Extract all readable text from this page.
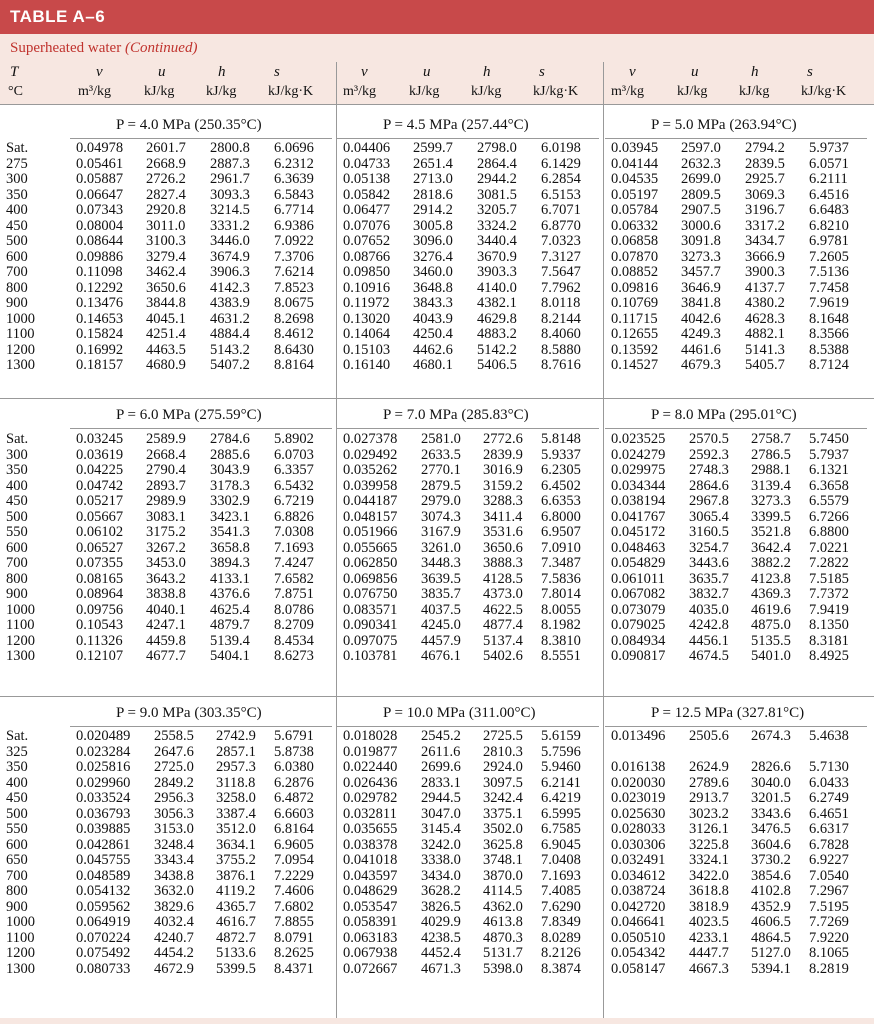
TABLE A–6
Superheated water (Continued)
T
°C
v
m³/kg
u
kJ/kg
h
kJ/kg
s
kJ/kg·K
v
m³/kg
u
kJ/kg
h
kJ/kg
s
kJ/kg·K
v
m³/kg
u
kJ/kg
h
kJ/kg
s
kJ/kg·K
Sat.
275
300
350
400
450
500
600
700
800
900
1000
1100
1200
1300
P = 4.0 MPa (250.35°C)
0.04978 2601.7 2800.8 6.0696
0.05461 2668.9 2887.3 6.2312
0.05887 2726.2 2961.7 6.3639
0.06647 2827.4 3093.3 6.5843
0.07343 2920.8 3214.5 6.7714
0.08004 3011.0 3331.2 6.9386
0.08644 3100.3 3446.0 7.0922
0.09886 3279.4 3674.9 7.3706
0.11098 3462.4 3906.3 7.6214
0.12292 3650.6 4142.3 7.8523
0.13476 3844.8 4383.9 8.0675
0.14653 4045.1 4631.2 8.2698
0.15824 4251.4 4884.4 8.4612
0.16992 4463.5 5143.2 8.6430
0.18157 4680.9 5407.2 8.8164
P = 4.5 MPa (257.44°C)
0.04406 2599.7 2798.0 6.0198
0.04733 2651.4 2864.4 6.1429
0.05138 2713.0 2944.2 6.2854
0.05842 2818.6 3081.5 6.5153
0.06477 2914.2 3205.7 6.7071
0.07076 3005.8 3324.2 6.8770
0.07652 3096.0 3440.4 7.0323
0.08766 3276.4 3670.9 7.3127
0.09850 3460.0 3903.3 7.5647
0.10916 3648.8 4140.0 7.7962
0.11972 3843.3 4382.1 8.0118
0.13020 4043.9 4629.8 8.2144
0.14064 4250.4 4883.2 8.4060
0.15103 4462.6 5142.2 8.5880
0.16140 4680.1 5406.5 8.7616
P = 5.0 MPa (263.94°C)
0.03945 2597.0 2794.2 5.9737
0.04144 2632.3 2839.5 6.0571
0.04535 2699.0 2925.7 6.2111
0.05197 2809.5 3069.3 6.4516
0.05784 2907.5 3196.7 6.6483
0.06332 3000.6 3317.2 6.8210
0.06858 3091.8 3434.7 6.9781
0.07870 3273.3 3666.9 7.2605
0.08852 3457.7 3900.3 7.5136
0.09816 3646.9 4137.7 7.7458
0.10769 3841.8 4380.2 7.9619
0.11715 4042.6 4628.3 8.1648
0.12655 4249.3 4882.1 8.3566
0.13592 4461.6 5141.3 8.5388
0.14527 4679.3 5405.7 8.7124
Sat.
300
350
400
450
500
550
600
700
800
900
1000
1100
1200
1300
P = 6.0 MPa (275.59°C)
0.03245 2589.9 2784.6 5.8902
0.03619 2668.4 2885.6 6.0703
0.04225 2790.4 3043.9 6.3357
0.04742 2893.7 3178.3 6.5432
0.05217 2989.9 3302.9 6.7219
0.05667 3083.1 3423.1 6.8826
0.06102 3175.2 3541.3 7.0308
0.06527 3267.2 3658.8 7.1693
0.07355 3453.0 3894.3 7.4247
0.08165 3643.2 4133.1 7.6582
0.08964 3838.8 4376.6 7.8751
0.09756 4040.1 4625.4 8.0786
0.10543 4247.1 4879.7 8.2709
0.11326 4459.8 5139.4 8.4534
0.12107 4677.7 5404.1 8.6273
P = 7.0 MPa (285.83°C)
0.027378 2581.0 2772.6 5.8148
0.029492 2633.5 2839.9 5.9337
0.035262 2770.1 3016.9 6.2305
0.039958 2879.5 3159.2 6.4502
0.044187 2979.0 3288.3 6.6353
0.048157 3074.3 3411.4 6.8000
0.051966 3167.9 3531.6 6.9507
0.055665 3261.0 3650.6 7.0910
0.062850 3448.3 3888.3 7.3487
0.069856 3639.5 4128.5 7.5836
0.076750 3835.7 4373.0 7.8014
0.083571 4037.5 4622.5 8.0055
0.090341 4245.0 4877.4 8.1982
0.097075 4457.9 5137.4 8.3810
0.103781 4676.1 5402.6 8.5551
P = 8.0 MPa (295.01°C)
0.023525 2570.5 2758.7 5.7450
0.024279 2592.3 2786.5 5.7937
0.029975 2748.3 2988.1 6.1321
0.034344 2864.6 3139.4 6.3658
0.038194 2967.8 3273.3 6.5579
0.041767 3065.4 3399.5 6.7266
0.045172 3160.5 3521.8 6.8800
0.048463 3254.7 3642.4 7.0221
0.054829 3443.6 3882.2 7.2822
0.061011 3635.7 4123.8 7.5185
0.067082 3832.7 4369.3 7.7372
0.073079 4035.0 4619.6 7.9419
0.079025 4242.8 4875.0 8.1350
0.084934 4456.1 5135.5 8.3181
0.090817 4674.5 5401.0 8.4925
Sat.
325
350
400
450
500
550
600
650
700
800
900
1000
1100
1200
1300
P = 9.0 MPa (303.35°C)
0.020489 2558.5 2742.9 5.6791
0.023284 2647.6 2857.1 5.8738
0.025816 2725.0 2957.3 6.0380
0.029960 2849.2 3118.8 6.2876
0.033524 2956.3 3258.0 6.4872
0.036793 3056.3 3387.4 6.6603
0.039885 3153.0 3512.0 6.8164
0.042861 3248.4 3634.1 6.9605
0.045755 3343.4 3755.2 7.0954
0.048589 3438.8 3876.1 7.2229
0.054132 3632.0 4119.2 7.4606
0.059562 3829.6 4365.7 7.6802
0.064919 4032.4 4616.7 7.8855
0.070224 4240.7 4872.7 8.0791
0.075492 4454.2 5133.6 8.2625
0.080733 4672.9 5399.5 8.4371
P = 10.0 MPa (311.00°C)
0.018028 2545.2 2725.5 5.6159
0.019877 2611.6 2810.3 5.7596
0.022440 2699.6 2924.0 5.9460
0.026436 2833.1 3097.5 6.2141
0.029782 2944.5 3242.4 6.4219
0.032811 3047.0 3375.1 6.5995
0.035655 3145.4 3502.0 6.7585
0.038378 3242.0 3625.8 6.9045
0.041018 3338.0 3748.1 7.0408
0.043597 3434.0 3870.0 7.1693
0.048629 3628.2 4114.5 7.4085
0.053547 3826.5 4362.0 7.6290
0.058391 4029.9 4613.8 7.8349
0.063183 4238.5 4870.3 8.0289
0.067938 4452.4 5131.7 8.2126
0.072667 4671.3 5398.0 8.3874
P = 12.5 MPa (327.81°C)
0.013496 2505.6 2674.3 5.4638
0.016138 2624.9 2826.6 5.7130
0.020030 2789.6 3040.0 6.0433
0.023019 2913.7 3201.5 6.2749
0.025630 3023.2 3343.6 6.4651
0.028033 3126.1 3476.5 6.6317
0.030306 3225.8 3604.6 6.7828
0.032491 3324.1 3730.2 6.9227
0.034612 3422.0 3854.6 7.0540
0.038724 3618.8 4102.8 7.2967
0.042720 3818.9 4352.9 7.5195
0.046641 4023.5 4606.5 7.7269
0.050510 4233.1 4864.5 7.9220
0.054342 4447.7 5127.0 8.1065
0.058147 4667.3 5394.1 8.2819
